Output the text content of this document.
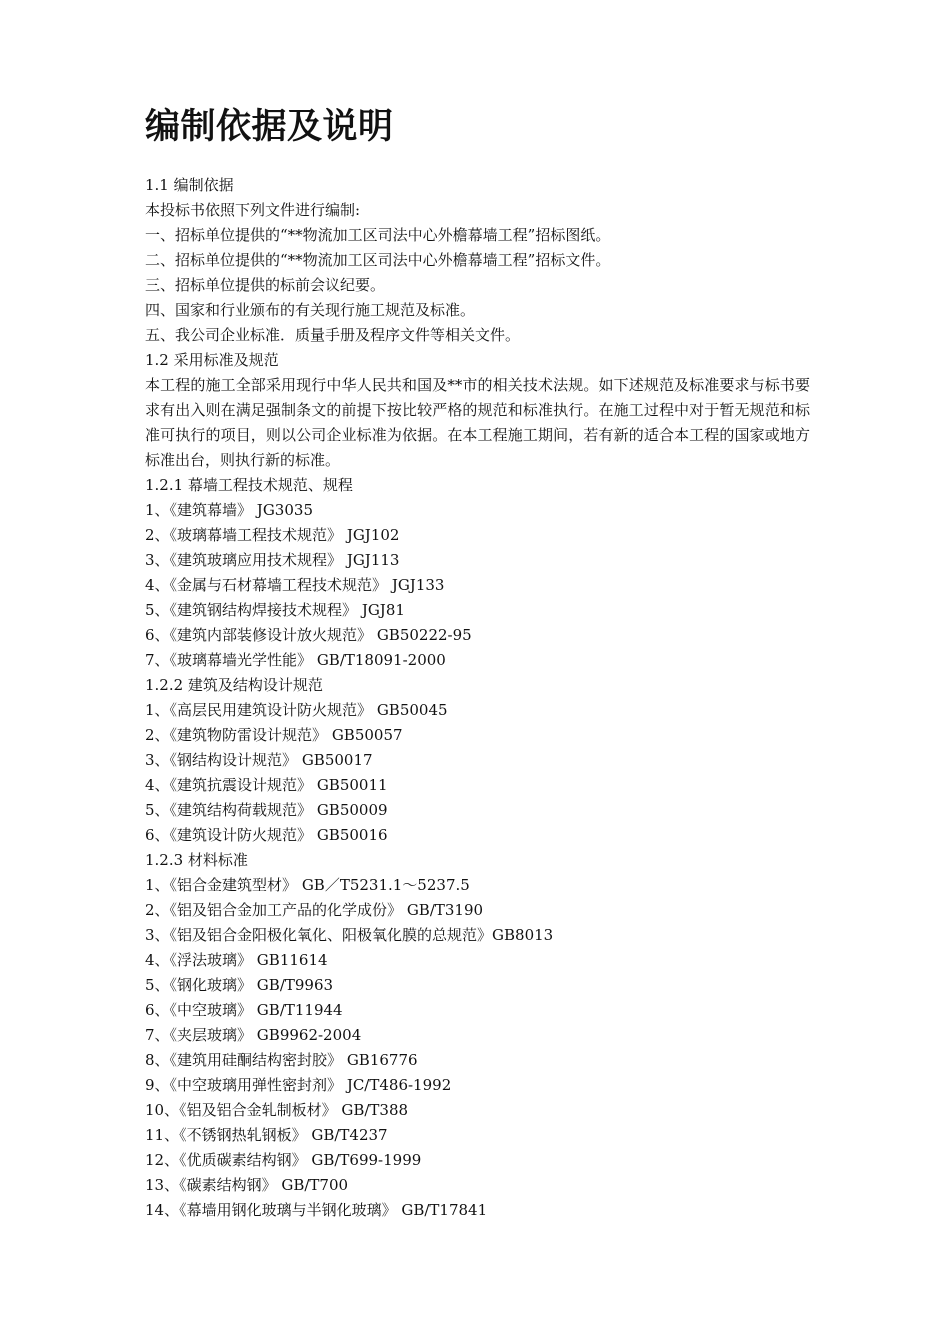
编制依据及说明
1.1 编制依据
本投标书依照下列文件进行编制:
一、招标单位提供的“**物流加工区司法中心外檐幕墙工程”招标图纸。
二、招标单位提供的“**物流加工区司法中心外檐幕墙工程”招标文件。
三、招标单位提供的标前会议纪要。
四、国家和行业颁布的有关现行施工规范及标准。
五、我公司企业标准．质量手册及程序文件等相关文件。
1.2 采用标准及规范
本工程的施工全部采用现行中华人民共和国及**市的相关技术法规。如下述规范及标准要求与标书要求有出入则在满足强制条文的前提下按比较严格的规范和标准执行。在施工过程中对于暂无规范和标准可执行的项目，则以公司企业标准为依据。在本工程施工期间，若有新的适合本工程的国家或地方标准出台，则执行新的标准。
1.2.1 幕墙工程技术规范、规程
1、《建筑幕墙》 JG3035
2、《玻璃幕墙工程技术规范》 JGJ102
3、《建筑玻璃应用技术规程》 JGJ113
4、《金属与石材幕墙工程技术规范》 JGJ133
5、《建筑钢结构焊接技术规程》 JGJ81
6、《建筑内部装修设计放火规范》 GB50222-95
7、《玻璃幕墙光学性能》 GB/T18091-2000
1.2.2 建筑及结构设计规范
1、《高层民用建筑设计防火规范》 GB50045
2、《建筑物防雷设计规范》 GB50057
3、《钢结构设计规范》 GB50017
4、《建筑抗震设计规范》 GB50011
5、《建筑结构荷载规范》 GB50009
6、《建筑设计防火规范》 GB50016
1.2.3 材料标准
1、《铝合金建筑型材》 GB／T5231.1～5237.5
2、《铝及铝合金加工产品的化学成份》 GB/T3190
3、《铝及铝合金阳极化氧化、阳极氧化膜的总规范》GB8013
4、《浮法玻璃》 GB11614
5、《钢化玻璃》 GB/T9963
6、《中空玻璃》 GB/T11944
7、《夹层玻璃》 GB9962-2004
8、《建筑用硅酮结构密封胶》 GB16776
9、《中空玻璃用弹性密封剂》 JC/T486-1992
10、《铝及铝合金轧制板材》 GB/T388
11、《不锈钢热轧钢板》 GB/T4237
12、《优质碳素结构钢》 GB/T699-1999
13、《碳素结构钢》 GB/T700
14、《幕墙用钢化玻璃与半钢化玻璃》 GB/T17841
